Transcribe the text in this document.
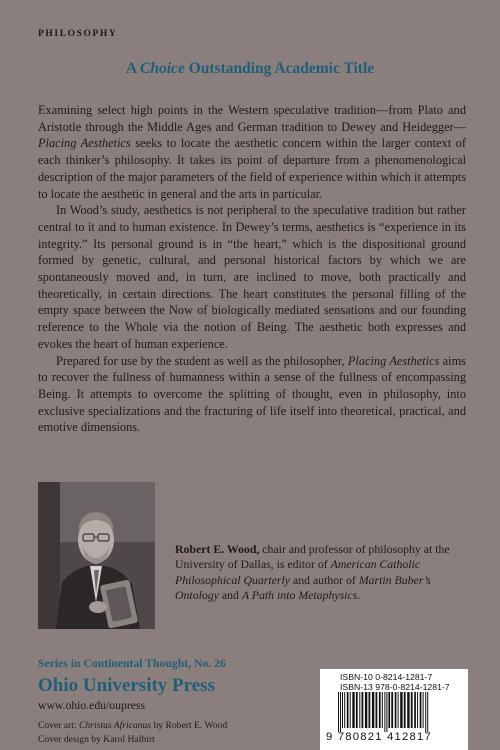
PHILOSOPHY
A Choice Outstanding Academic Title

Examining select high points in the Western speculative tradition—from Plato and Aristotle through the Middle Ages and German tradition to Dewey and Heidegger—Placing Aesthetics seeks to locate the aesthetic concern within the larger context of each thinker’s philosophy. It takes its point of departure from a phenomenological description of the major parameters of the field of experience within which it attempts to locate the aesthetic in general and the arts in particular.

In Wood’s study, aesthetics is not peripheral to the speculative tradition but rather central to it and to human existence. In Dewey’s terms, aesthetics is “experience in its integrity.” Its personal ground is in “the heart,” which is the dispositional ground formed by genetic, cultural, and personal historical factors by which we are spontaneously moved and, in turn, are inclined to move, both practically and theoretically, in certain directions. The heart constitutes the personal filling of the empty space between the Now of biologically mediated sensations and our founding reference to the Whole via the notion of Being. The aesthetic both expresses and evokes the heart of human experience.

Prepared for use by the student as well as the philosopher, Placing Aesthetics aims to recover the fullness of humanness within a sense of the fullness of encompassing Being. It attempts to overcome the splitting of thought, even in philosophy, into exclusive specializations and the fracturing of life itself into theoretical, practical, and emotive dimensions.

Robert E. Wood, chair and professor of philosophy at the University of Dallas, is editor of American Catholic Philosophical Quarterly and author of Martin Buber’s Ontology and A Path into Metaphysics.
Series in Continental Thought, No. 26
Ohio University Press
www.ohio.edu/oupress
Cover art: Christus Africanus by Robert E. Wood
Cover design by Karol Halbirt
ISBN-10 0-8214-1281-7
ISBN-13 978-0-8214-1281-7
9 780821 412817
